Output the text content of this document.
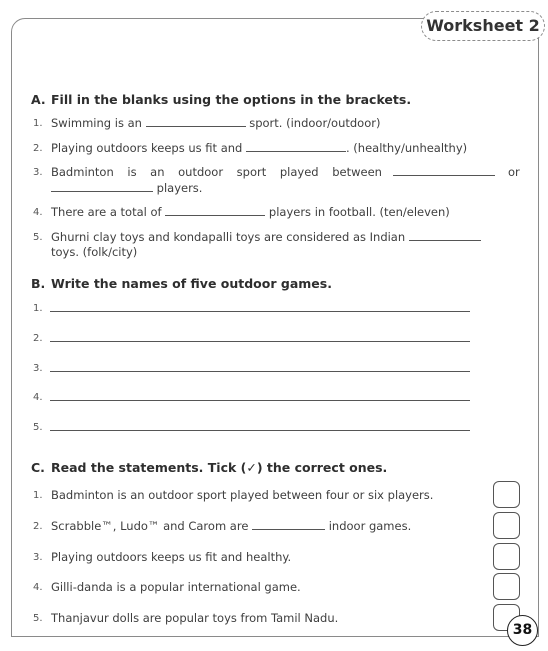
Worksheet 2
A. Fill in the blanks using the options in the brackets.
1. Swimming is an	sport. (indoor/outdoor)
2. Playing outdoors keeps us fit and	. (healthy/unhealthy)
3. Badminton is an outdoor sport played between	or
players.
4. There are a total of	players in football. (ten/eleven)
5. Ghurni clay toys and kondapalli toys are considered as Indian
toys. (folk/city)
B. Write the names of five outdoor games.
1.
2.
3.
4.
5.
C. Read the statements. Tick (✓) the correct ones.
1. Badminton is an outdoor sport played between four or six players.
2. Scrabble™, Ludo™ and Carom are	indoor games.
3. Playing outdoors keeps us fit and healthy.
4. Gilli-danda is a popular international game.
5. Thanjavur dolls are popular toys from Tamil Nadu.
38
